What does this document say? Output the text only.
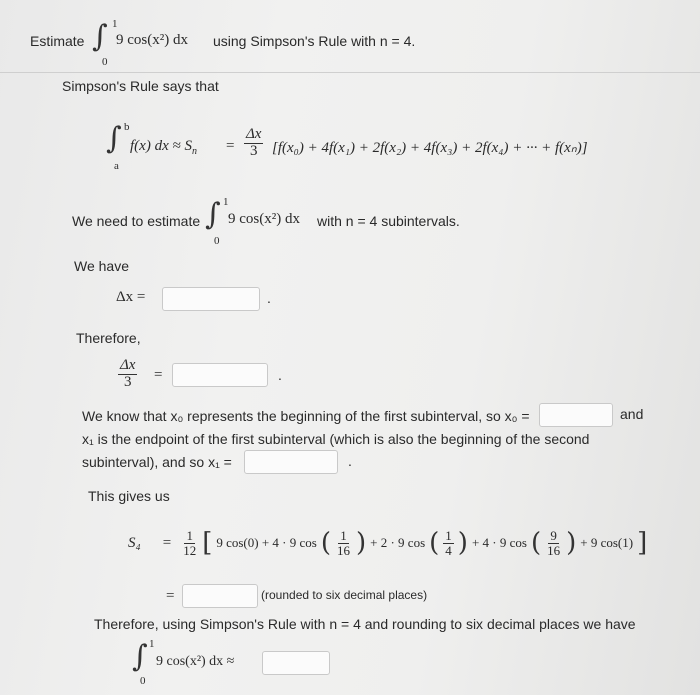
Estimate ∫ 1
0
9 cos(x²) dx using Simpson's Rule with n = 4.
Simpson's Rule says that
∫ b
a
f(x) dx ≈ $S_n = \frac{\Delta x}{3} [f(x_0) + 4f(x_1) + 2f(x_2) + 4f(x_3) + 2f(x_4)$ + ··· + f(xₙ)]
We need to estimate ∫ 1
0
9 cos(x²) dx with n = 4 subintervals.
We have
Δx =	.
Therefore,
$\frac{\Delta x}{3}$ =	.
We know that x₀ represents the beginning of the first subinterval, so x₀ =	and
x₁ is the endpoint of the first subinterval (which is also the beginning of the second
subinterval), and so x₁ =	.
This gives us
$S_4 = \frac{1}{12}$ [ 9 cos(0) + 4 · 9 cos ( $\frac{1}{16}$ ) + 2 · 9 cos ( $\frac{1}{4}$ ) + 4 · 9 cos ( $\frac{9}{16}$ ) + 9 cos(1) ]
=	(rounded to six decimal places)
Therefore, using Simpson's Rule with n = 4 and rounding to six decimal places we have
∫ 1
0
9 cos(x²) dx ≈
